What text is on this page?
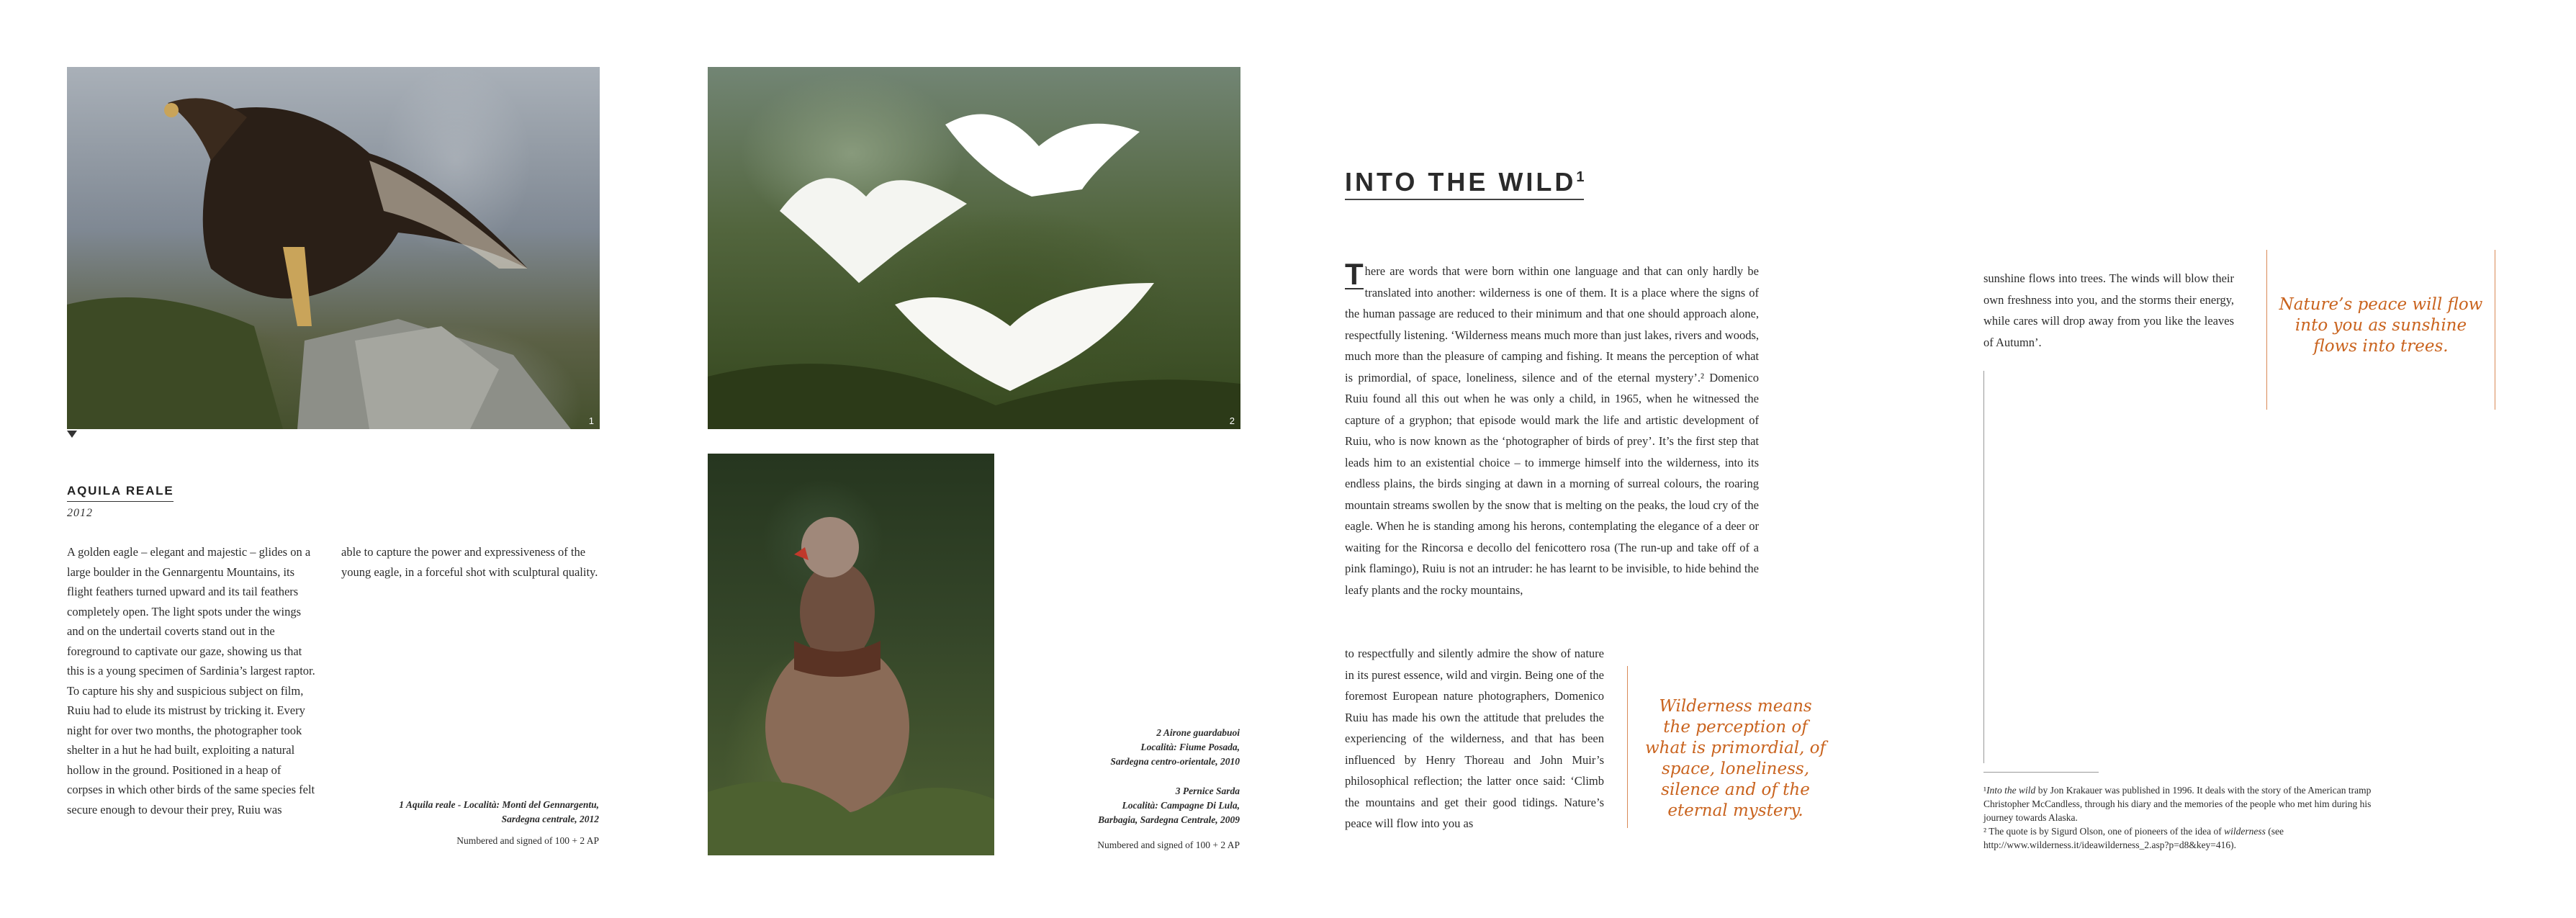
1	2
AQUILA REALE
2012
A golden eagle – elegant and majestic – glides on a large boulder in the Gennargentu Mountains, its flight feathers turned upward and its tail feathers completely open. The light spots under the wings and on the undertail coverts stand out in the foreground to captivate our gaze, showing us that this is a young specimen of Sardinia’s largest raptor. To capture his shy and suspicious subject on film, Ruiu had to elude its mistrust by tricking it. Every night for over two months, the photographer took shelter in a hut he had built, exploiting a natural hollow in the ground. Positioned in a heap of corpses in which other birds of the same species felt secure enough to devour their prey, Ruiu was
able to capture the power and expressiveness of the young eagle, in a forceful shot with sculptural quality.
1 Aquila reale - Località: Monti del Gennargentu,
Sardegna centrale, 2012
Numbered and signed of 100 + 2 AP
2 Airone guardabuoi
Località: Fiume Posada,
Sardegna centro-orientale, 2010
3 Pernice Sarda
Località: Campagne Di Lula,
Barbagia, Sardegna Centrale, 2009
Numbered and signed of 100 + 2 AP
INTO THE WILD$^1$
T here are words that were born within one language and that can only hardly be translated into another: wilderness is one of them. It is a place where the signs of the human passage are reduced to their minimum and that one should approach alone, respectfully listening. ‘Wilderness means much more than just lakes, rivers and woods, much more than the pleasure of camping and fishing. It means the perception of what is primordial, of space, loneliness, silence and of the eternal mystery’.² Domenico Ruiu found all this out when he was only a child, in 1965, when he witnessed the capture of a gryphon; that episode would mark the life and artistic development of Ruiu, who is now known as the ‘photographer of birds of prey’. It’s the first step that leads him to an existential choice – to immerge himself into the wilderness, into its endless plains, the birds singing at dawn in a morning of surreal colours, the roaring mountain streams swollen by the snow that is melting on the peaks, the loud cry of the eagle. When he is standing among his herons, contemplating the elegance of a deer or waiting for the Rincorsa e decollo del fenicottero rosa (The run-up and take off of a pink flamingo), Ruiu is not an intruder: he has learnt to be invisible, to hide behind the leafy plants and the rocky mountains,
to respectfully and silently admire the show of nature in its purest essence, wild and virgin. Being one of the foremost European nature photographers, Domenico Ruiu has made his own the attitude that preludes the experiencing of the wilderness, and that has been influenced by Henry Thoreau and John Muir’s philosophical reflection; the latter once said: ‘Climb the mountains and get their good tidings. Nature’s peace will flow into you as
Wilderness means the perception of what is primordial, of space, loneliness, silence and of the eternal mystery.
sunshine flows into trees. The winds will blow their own freshness into you, and the storms their energy, while cares will drop away from you like the leaves of Autumn’.
Nature’s peace will flow into you as sunshine flows into trees.
¹Into the wild by Jon Krakauer was published in 1996. It deals with the story of the American tramp Christopher McCandless, through his diary and the memories of the people who met him during his journey towards Alaska.
² The quote is by Sigurd Olson, one of pioneers of the idea of wilderness (see http://www.wilderness.it/ideawilderness_2.asp?p=d8&key=416).
